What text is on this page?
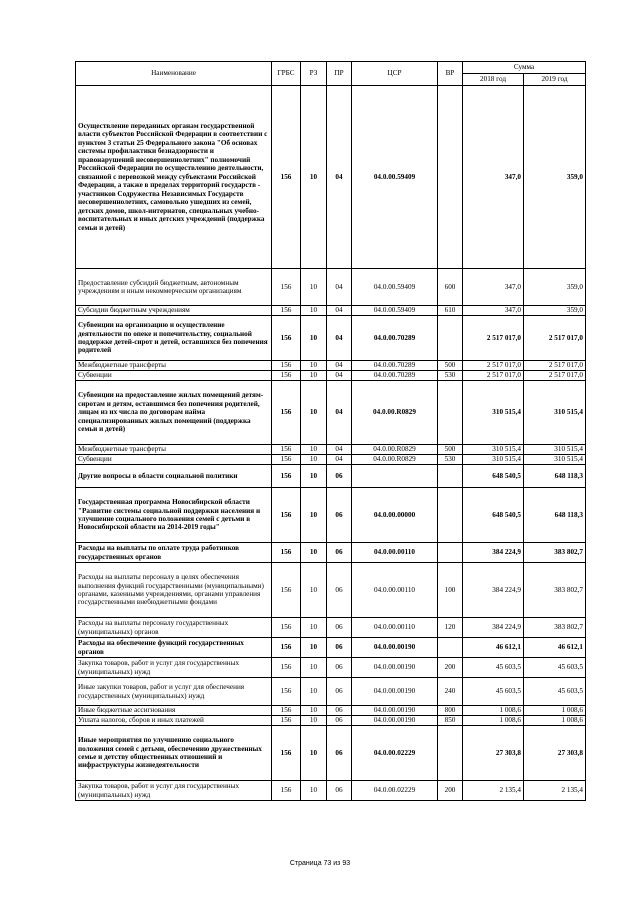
Наименование	ГРБС	РЗ	ПР	ЦСР	ВР	Сумма	
						2018 год	2019 год
Осуществление переданных органам государственной власти субъектов Российской Федерации в соответствии с пунктом 3 статьи 25 Федерального закона "Об основах системы профилактики безнадзорности и правонарушений несовершеннолетних" полномочий Российской Федерации по осуществлению деятельности, связанной с перевозкой между субъектами Российской Федерации, а также в пределах территорий государств - участников Содружества Независимых Государств несовершеннолетних, самовольно ушедших из семей, детских домов, школ-интернатов, специальных учебно-воспитательных и иных детских учреждений (поддержка семьи и детей)	156	10	04	04.0.00.59409		347,0	359,0
Предоставление субсидий бюджетным, автономным учреждениям и иным некоммерческим организациям	156	10	04	04.0.00.59409	600	347,0	359,0
Субсидии бюджетным учреждениям	156	10	04	04.0.00.59409	610	347,0	359,0
Субвенции на организацию и осуществление деятельности по опеке и попечительству, социальной поддержке детей-сирот и детей, оставшихся без попечения родителей	156	10	04	04.0.00.70289		2 517 017,0	2 517 017,0
Межбюджетные трансферты	156	10	04	04.0.00.70289	500	2 517 017,0	2 517 017,0
Субвенции	156	10	04	04.0.00.70289	530	2 517 017,0	2 517 017,0
Субвенции на предоставление жилых помещений детям-сиротам и детям, оставшимся без попечения родителей, лицам из их числа по договорам найма специализированных жилых помещений (поддержка семьи и детей)	156	10	04	04.0.00.R0829		310 515,4	310 515,4
Межбюджетные трансферты	156	10	04	04.0.00.R0829	500	310 515,4	310 515,4
Субвенции	156	10	04	04.0.00.R0829	530	310 515,4	310 515,4
Другие вопросы в области социальной политики	156	10	06			648 540,5	648 118,3
Государственная программа Новосибирской области "Развитие системы социальной поддержки населения и улучшение социального положения семей с детьми в Новосибирской области на 2014-2019 годы"	156	10	06	04.0.00.00000		648 540,5	648 118,3
Расходы на выплаты по оплате труда работников государственных органов	156	10	06	04.0.00.00110		384 224,9	383 802,7
Расходы на выплаты персоналу в целях обеспечения выполнения функций государственными (муниципальными) органами, казенными учреждениями, органами управления государственными внебюджетными фондами	156	10	06	04.0.00.00110	100	384 224,9	383 802,7
Расходы на выплаты персоналу государственных (муниципальных) органов	156	10	06	04.0.00.00110	120	384 224,9	383 802,7
Расходы на обеспечение функций государственных органов	156	10	06	04.0.00.00190		46 612,1	46 612,1
Закупка товаров, работ и услуг для государственных (муниципальных) нужд	156	10	06	04.0.00.00190	200	45 603,5	45 603,5
Иные закупки товаров, работ и услуг для обеспечения государственных (муниципальных) нужд	156	10	06	04.0.00.00190	240	45 603,5	45 603,5
Иные бюджетные ассигнования	156	10	06	04.0.00.00190	800	1 008,6	1 008,6
Уплата налогов, сборов и иных платежей	156	10	06	04.0.00.00190	850	1 008,6	1 008,6
Иные мероприятия по улучшению социального положения семей с детьми, обеспечению дружественных семье и детству общественных отношений и инфраструктуры жизнедеятельности	156	10	06	04.0.00.02229		27 303,8	27 303,8
Закупка товаров, работ и услуг для государственных (муниципальных) нужд	156	10	06	04.0.00.02229	200	2 135,4	2 135,4
Страница 73 из 93
